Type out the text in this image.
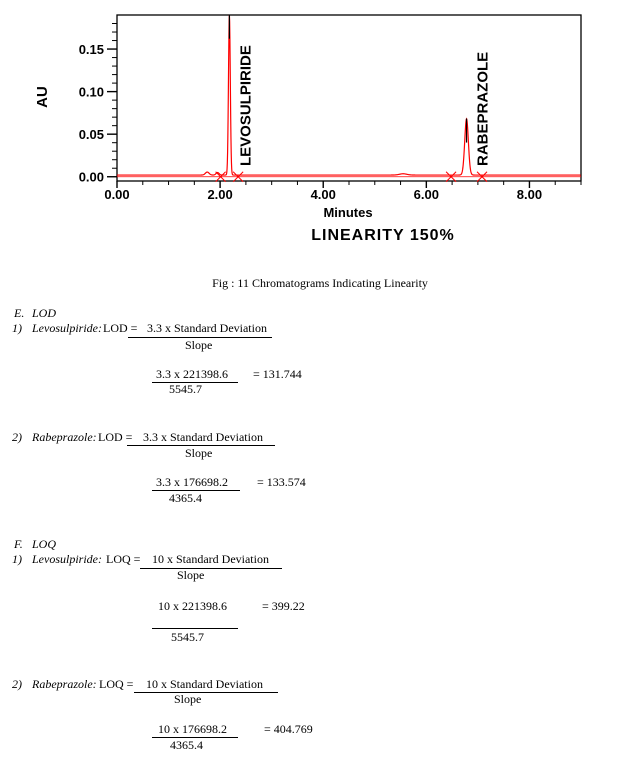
0.00	2.00	4.00	6.00	8.00
0.00
0.05
0.10
0.15	LEVOSULPIRIDE	RABEPRAZOLE
AU
Minutes
LINEARITY 150%
Fig : 11 Chromatograms Indicating Linearity
E. LOD
1) Levosulpiride: LOD = 3.3 x Standard Deviation
Slope
3.3 x 221398.6
5545.7
= 131.744
2) Rabeprazole: LOD = 3.3 x Standard Deviation
Slope
3.3 x 176698.2
4365.4
= 133.574
F. LOQ
1) Levosulpiride: LOQ = 10 x Standard Deviation
Slope
10 x 221398.6
5545.7
= 399.22
2) Rabeprazole: LOQ = 10 x Standard Deviation
Slope
10 x 176698.2
4365.4
= 404.769
